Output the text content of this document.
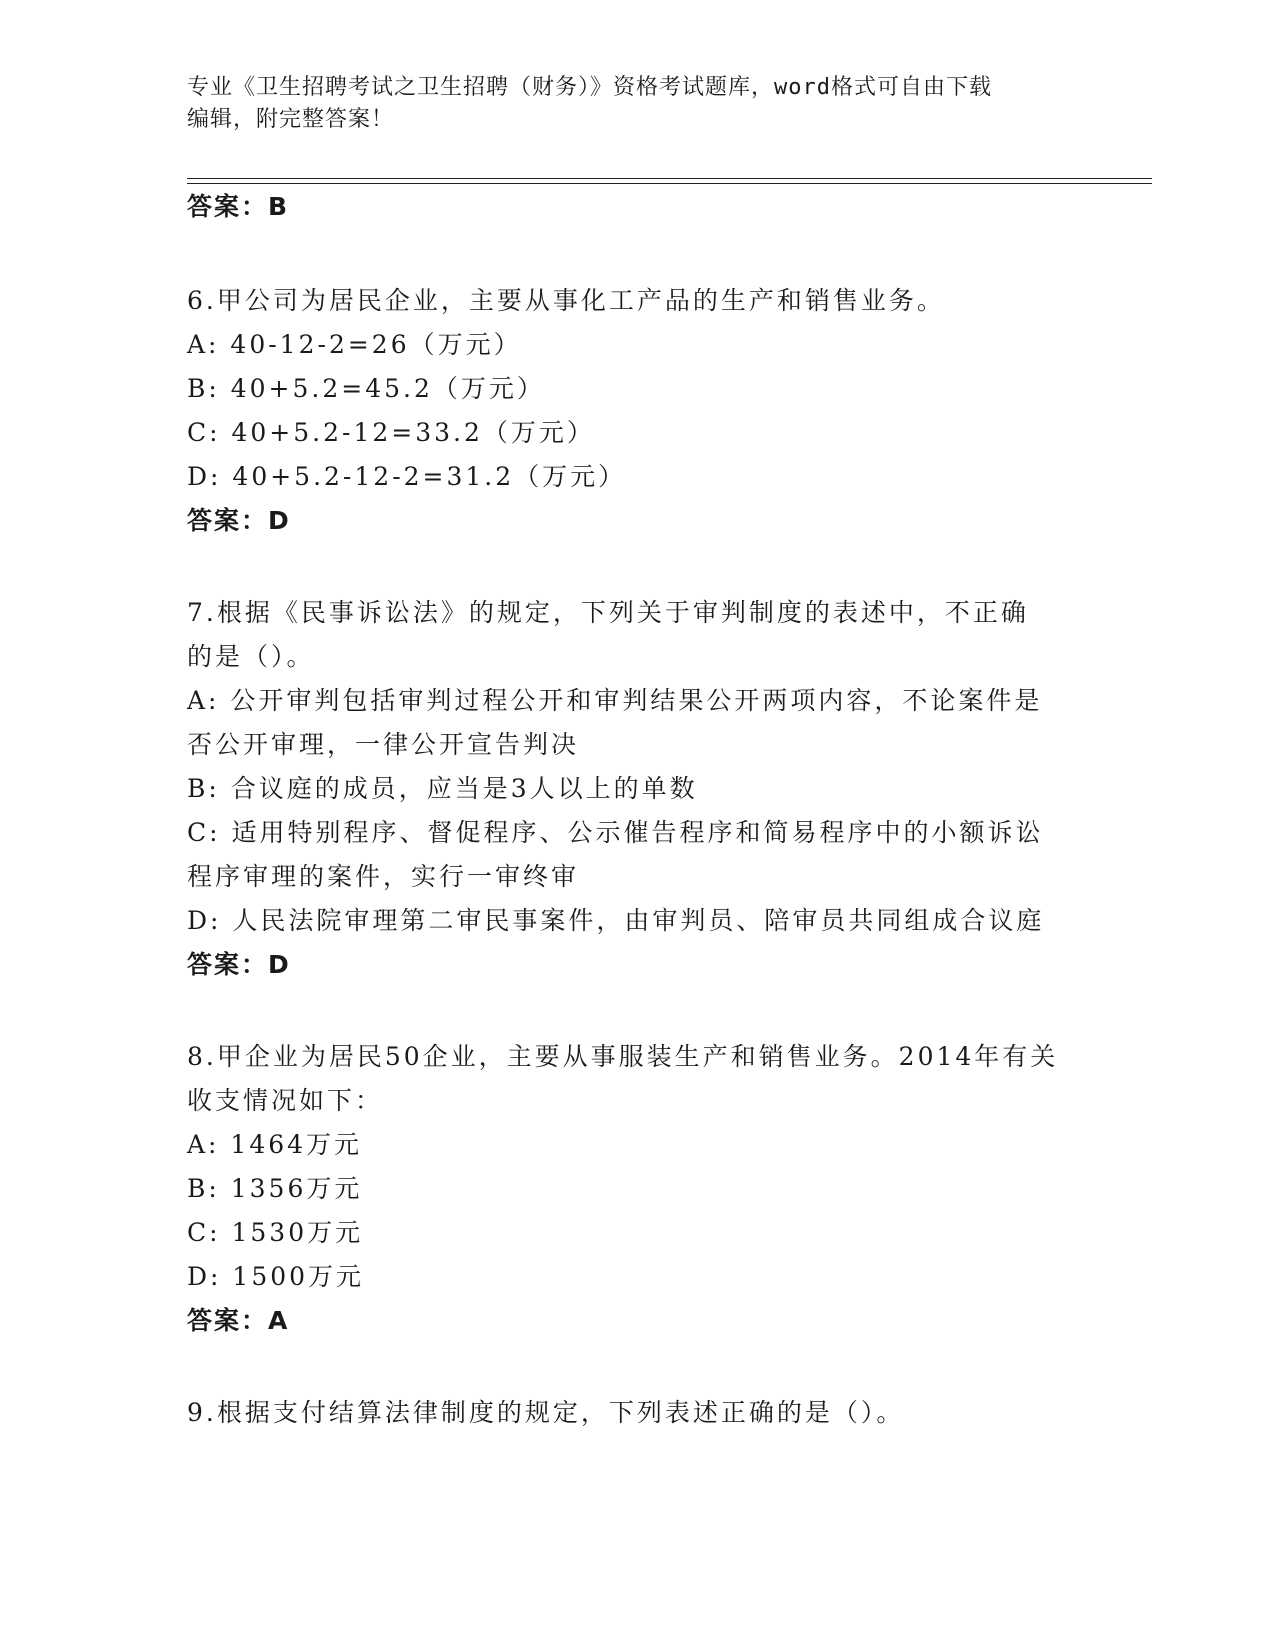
专业《卫生招聘考试之卫生招聘（财务）》资格考试题库，word格式可自由下载
编辑，附完整答案！
答案：B
6.甲公司为居民企业，主要从事化工产品的生产和销售业务。
A: 40-12-2=26（万元）
B: 40+5.2=45.2（万元）
C: 40+5.2-12=33.2（万元）
D: 40+5.2-12-2=31.2（万元）
答案：D
7.根据《民事诉讼法》的规定，下列关于审判制度的表述中，不正确
的是（）。
A: 公开审判包括审判过程公开和审判结果公开两项内容，不论案件是
否公开审理，一律公开宣告判决
B: 合议庭的成员，应当是3人以上的单数
C: 适用特别程序、督促程序、公示催告程序和简易程序中的小额诉讼
程序审理的案件，实行一审终审
D: 人民法院审理第二审民事案件，由审判员、陪审员共同组成合议庭
答案：D
8.甲企业为居民50企业，主要从事服装生产和销售业务。2014年有关
收支情况如下：
A: 1464万元
B: 1356万元
C: 1530万元
D: 1500万元
答案：A
9.根据支付结算法律制度的规定，下列表述正确的是（）。
